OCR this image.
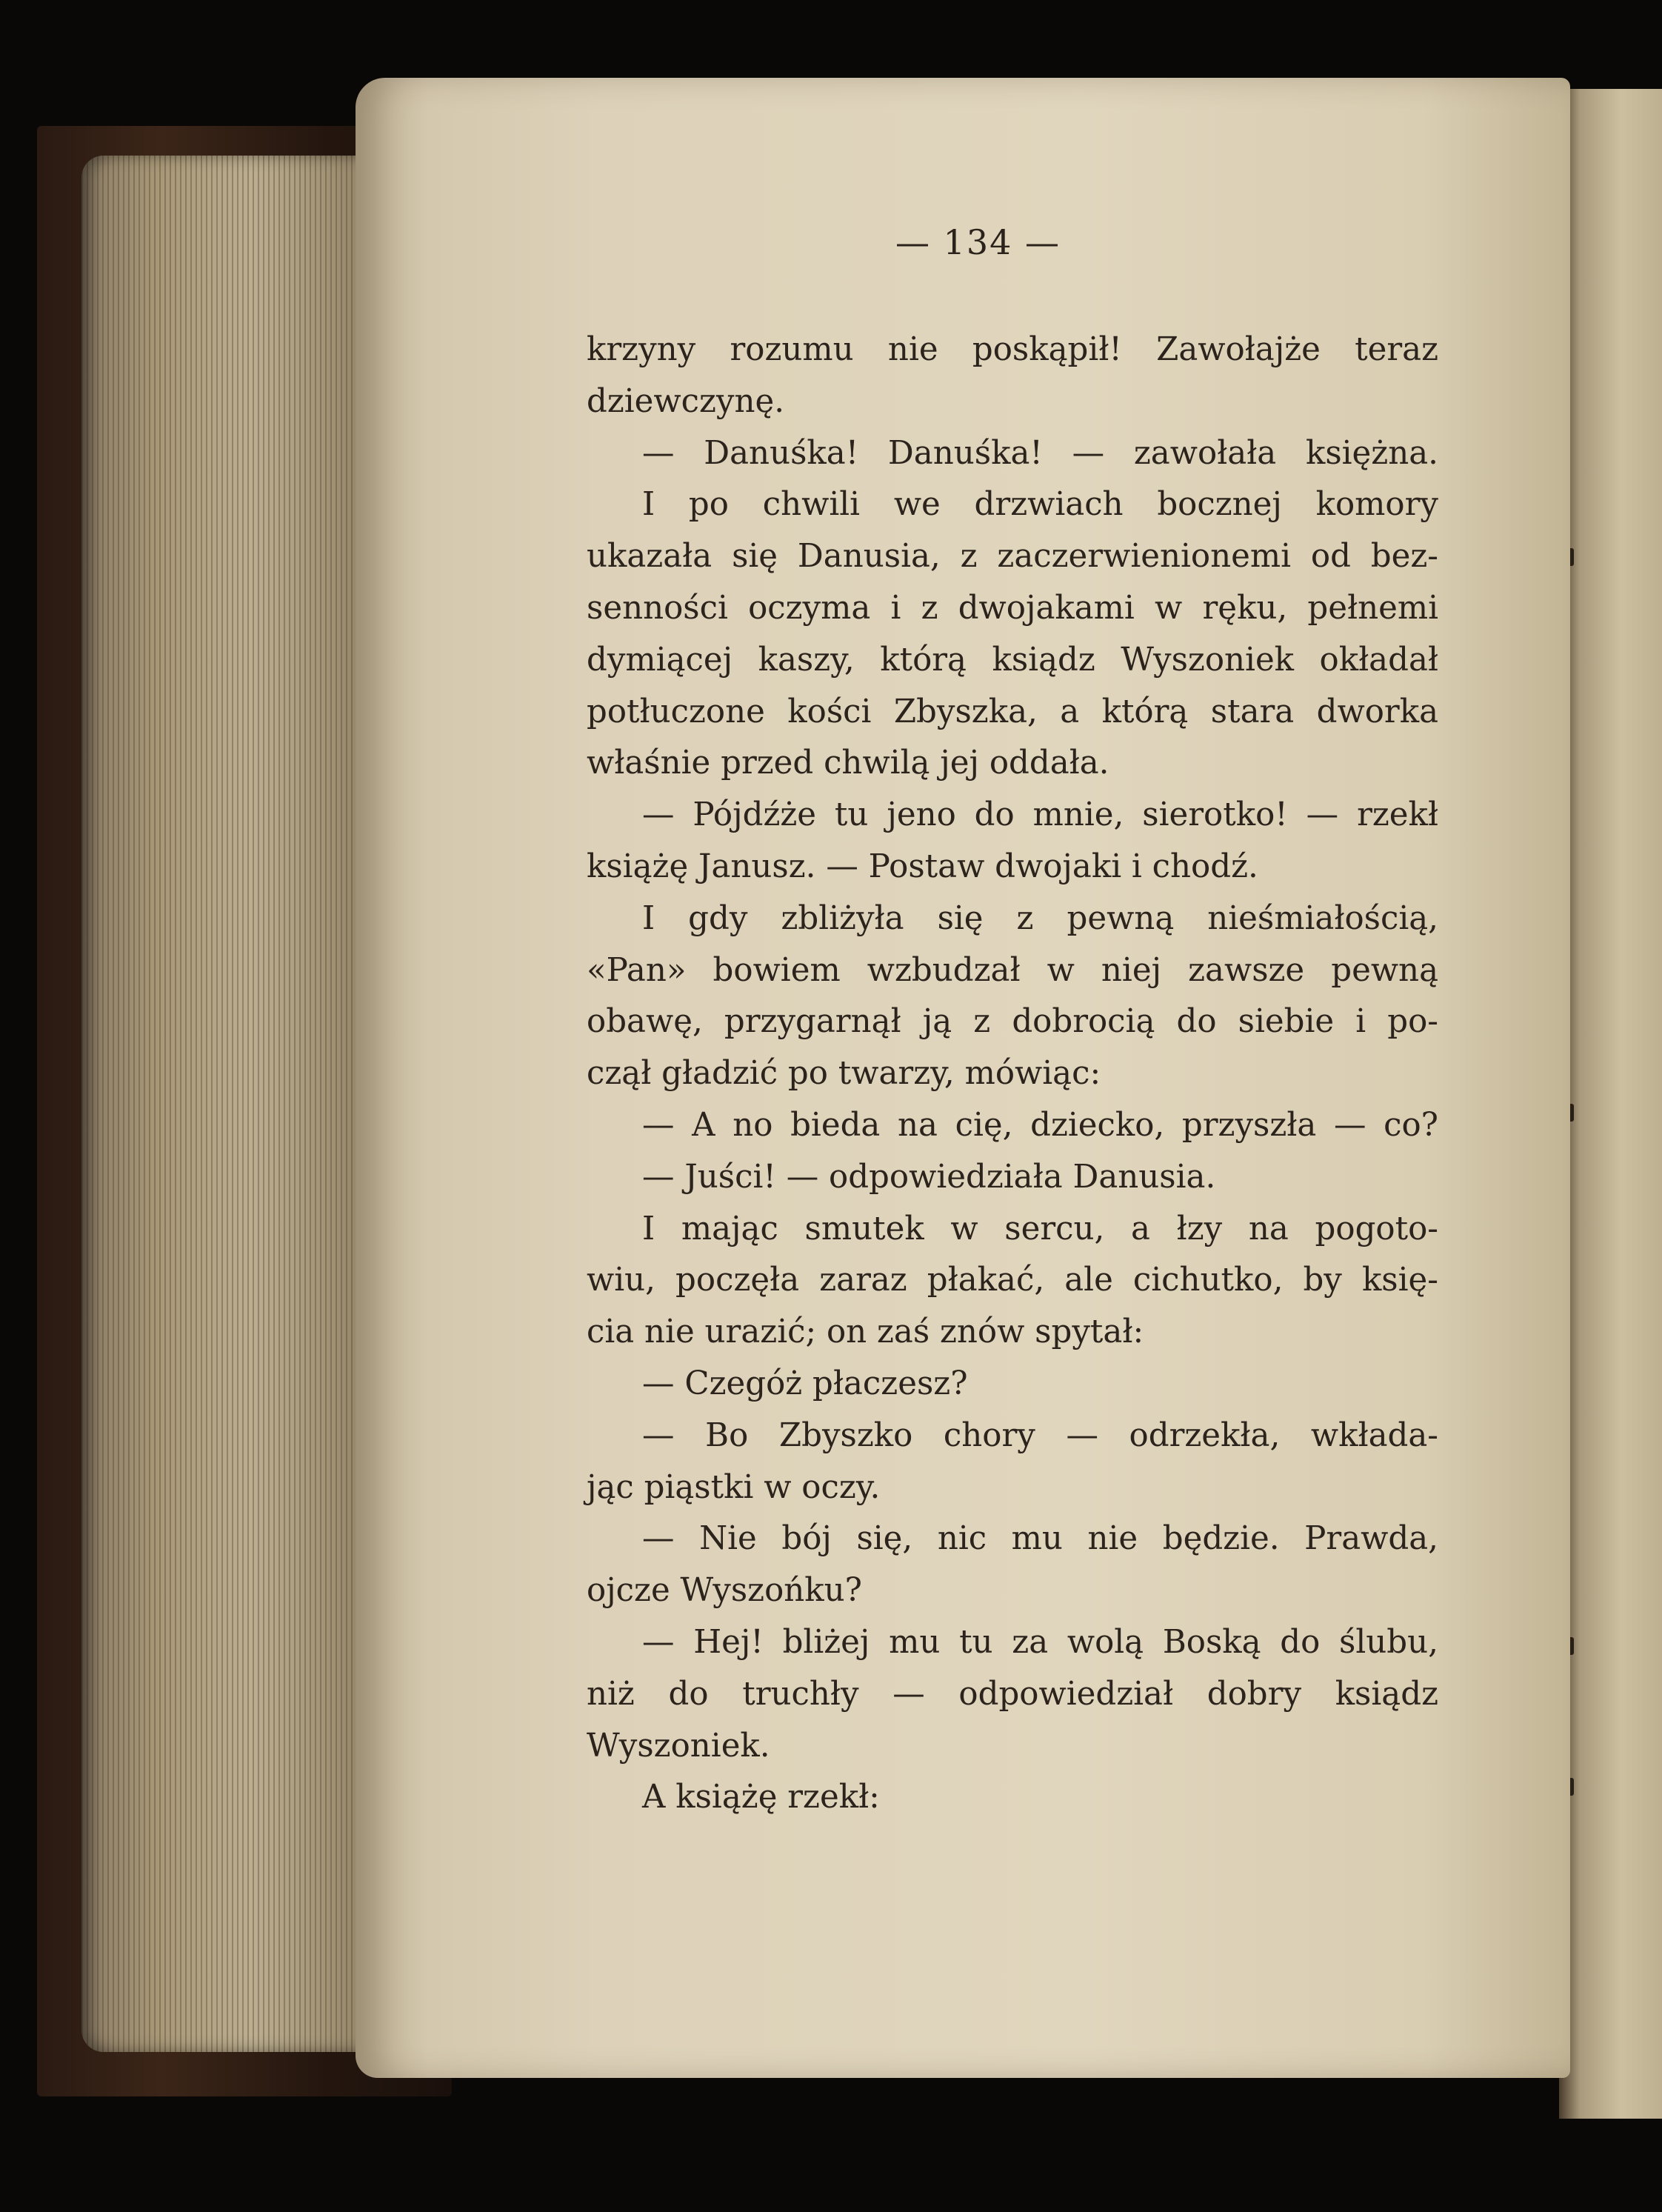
— 134 —
krzyny rozumu nie poskąpił! Zawołajże teraz
dziewczynę.
— Danuśka! Danuśka! — zawołała księżna.
I po chwili we drzwiach bocznej komory
ukazała się Danusia, z zaczerwienionemi od bez-
senności oczyma i z dwojakami w ręku, pełnemi
dymiącej kaszy, którą ksiądz Wyszoniek okładał
potłuczone kości Zbyszka, a którą stara dworka
właśnie przed chwilą jej oddała.
— Pójdźże tu jeno do mnie, sierotko! — rzekł
książę Janusz. — Postaw dwojaki i chodź.
I gdy zbliżyła się z pewną nieśmiałością,
«Pan» bowiem wzbudzał w niej zawsze pewną
obawę, przygarnął ją z dobrocią do siebie i po-
czął gładzić po twarzy, mówiąc:
— A no bieda na cię, dziecko, przyszła — co?
— Juści! — odpowiedziała Danusia.
I mając smutek w sercu, a łzy na pogoto-
wiu, poczęła zaraz płakać, ale cichutko, by księ-
cia nie urazić; on zaś znów spytał:
— Czegóż płaczesz?
— Bo Zbyszko chory — odrzekła, wkłada-
jąc piąstki w oczy.
— Nie bój się, nic mu nie będzie. Prawda,
ojcze Wyszońku?
— Hej! bliżej mu tu za wolą Boską do ślubu,
niż do truchły — odpowiedział dobry ksiądz
Wyszoniek.
A książę rzekł:
